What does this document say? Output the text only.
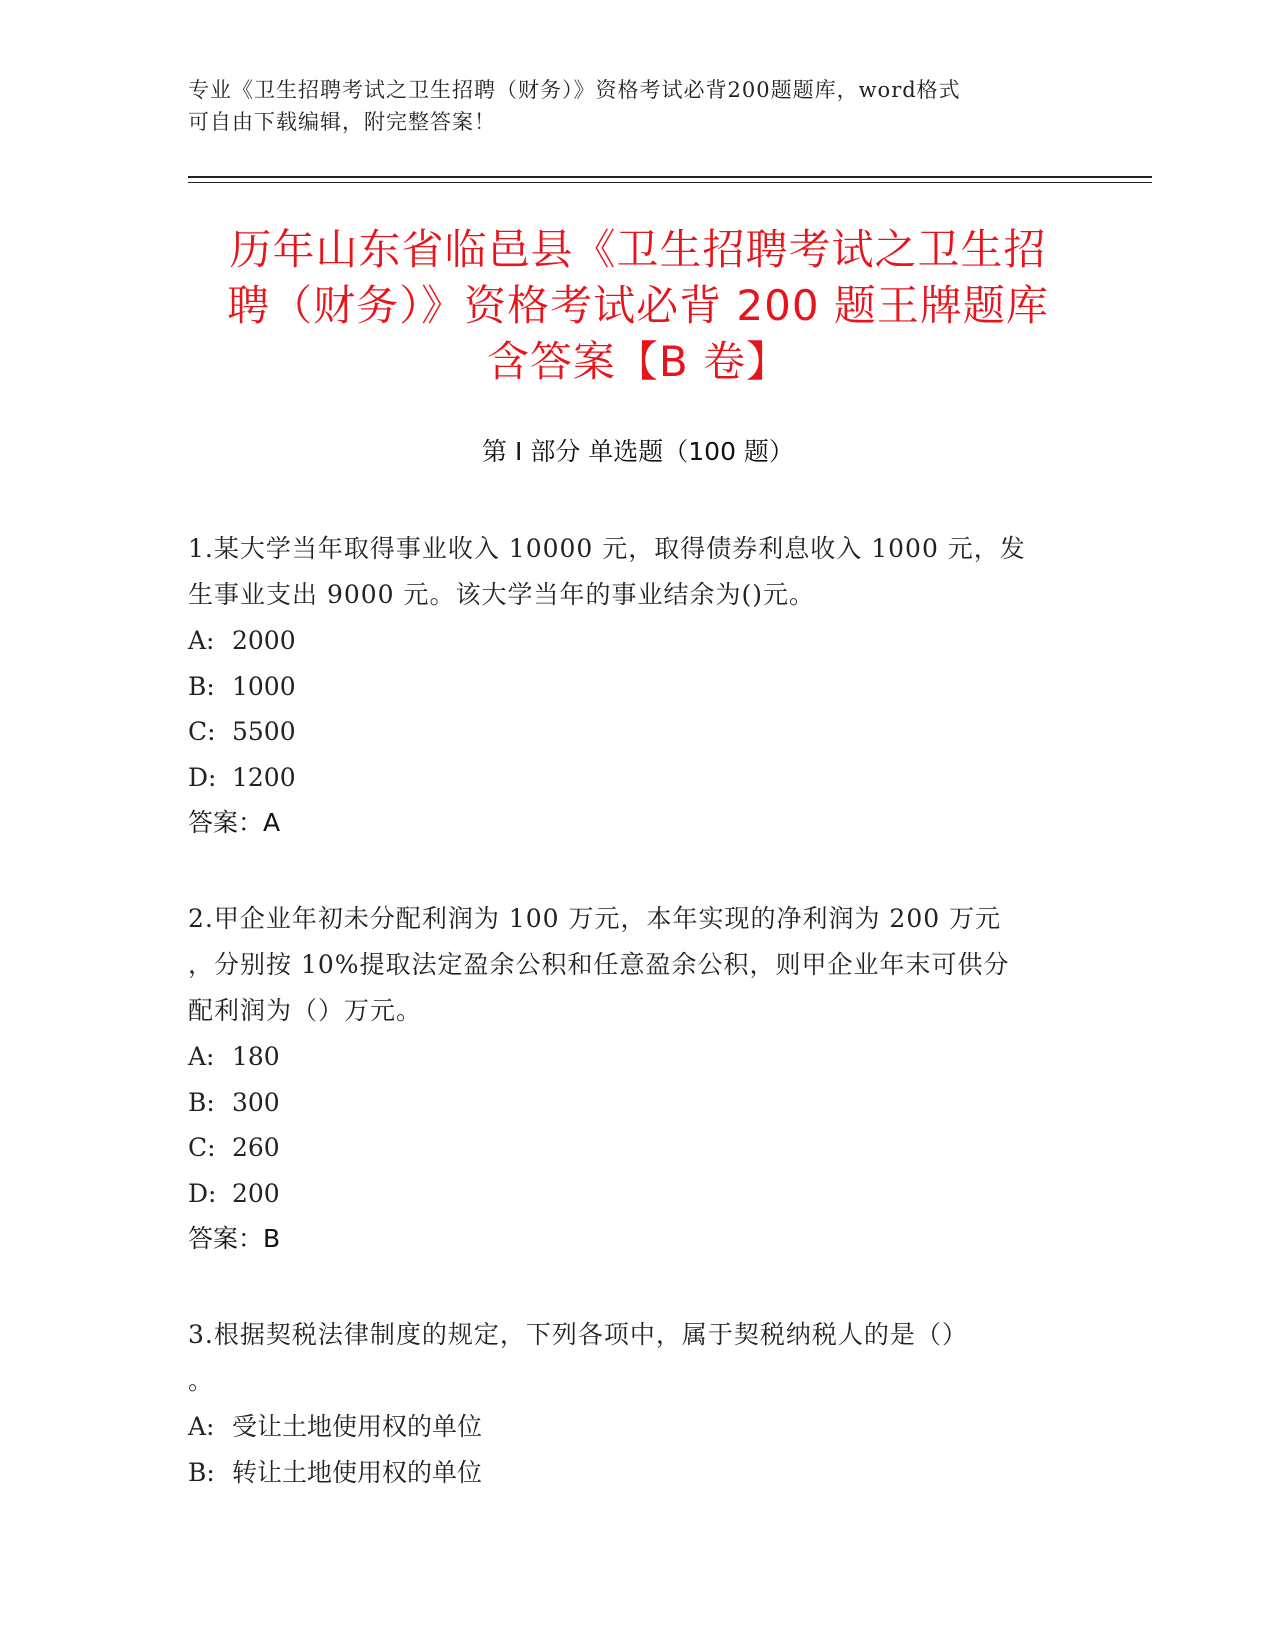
专业《卫生招聘考试之卫生招聘（财务）》资格考试必背200题题库，word格式
可自由下载编辑，附完整答案！
历年山东省临邑县《卫生招聘考试之卫生招
聘（财务）》资格考试必背 200 题王牌题库
含答案【B 卷】
第 I 部分 单选题（100 题）
1.某大学当年取得事业收入 10000 元，取得债券利息收入 1000 元，发
生事业支出 9000 元。该大学当年的事业结余为()元。
A: 2000
B: 1000
C: 5500
D: 1200
答案：A
2.甲企业年初未分配利润为 100 万元，本年实现的净利润为 200 万元
，分别按 10%提取法定盈余公积和任意盈余公积，则甲企业年末可供分
配利润为（）万元。
A: 180
B: 300
C: 260
D: 200
答案：B
3.根据契税法律制度的规定，下列各项中，属于契税纳税人的是（）
。
A: 受让土地使用权的单位
B: 转让土地使用权的单位
